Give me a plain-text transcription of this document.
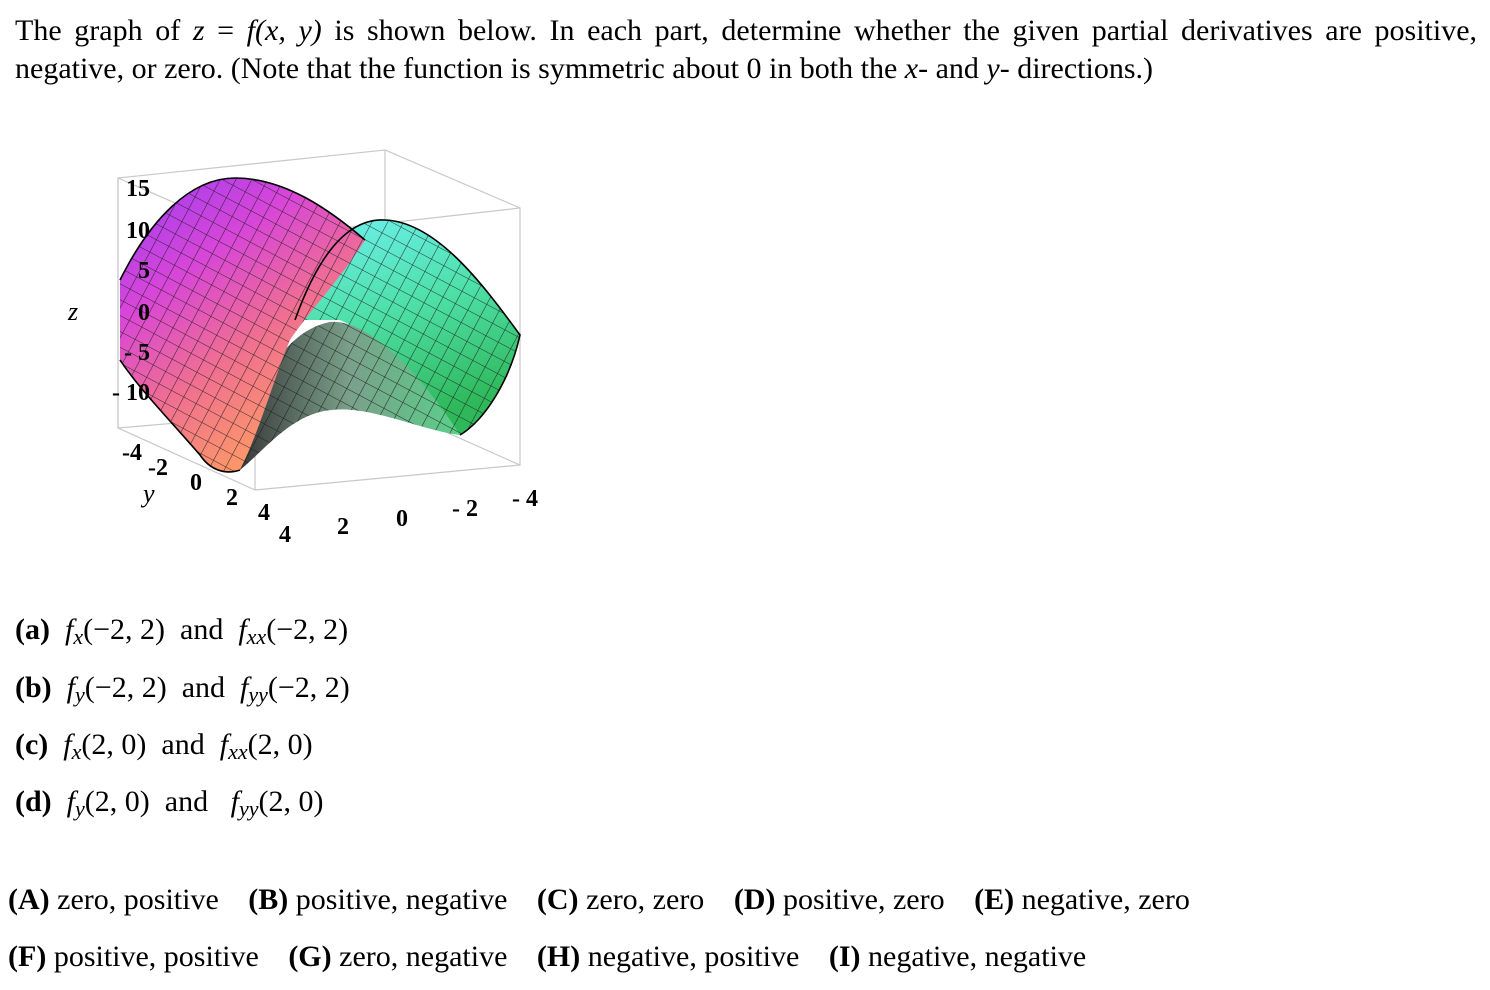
The graph of z = f(x, y) is shown below. In each part, determine whether the given partial derivatives are positive, negative, or zero. (Note that the function is symmetric about 0 in both the x- and y- directions.)
15
10
5
0
- 5
- 10
z
-4
-2
0
2
4
y
4 2 0 - 2 - 4
(a) $f_x(-2$, 2) and $f_{xx}(-2$, 2)
(b) $f_y(-2$, 2) and $f_{yy}(-2$, 2)
(c) $f_x(2$, 0) and $f_{xx}(2$, 0)
(d) $f_y(2$, 0) and $f_{yy}(2$, 0)
(A) zero, positive (B) positive, negative (C) zero, zero (D) positive, zero (E) negative, zero
(F) positive, positive (G) zero, negative (H) negative, positive (I) negative, negative
